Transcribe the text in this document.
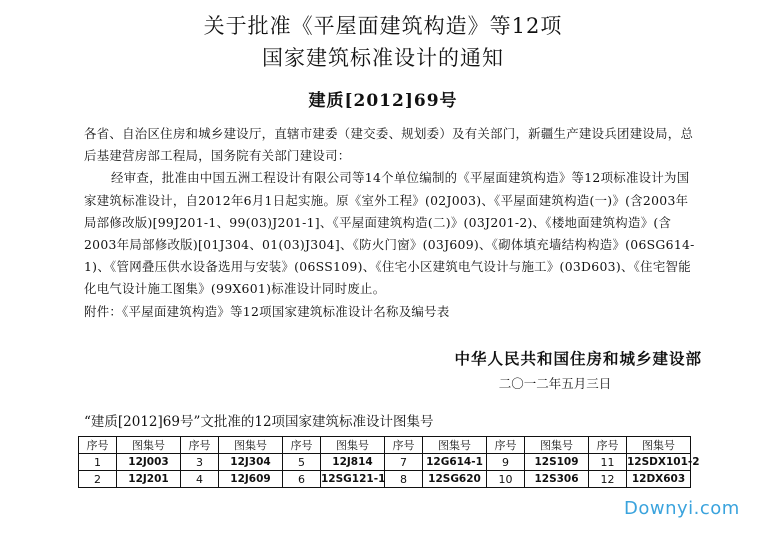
关于批准《平屋面建筑构造》等12项
国家建筑标准设计的通知
建质[2012]69号

各省、自治区住房和城乡建设厅，直辖市建委（建交委、规划委）及有关部门，新疆生产建设兵团建设局，总后基建营房部工程局，国务院有关部门建设司：

经审查，批准由中国五洲工程设计有限公司等14个单位编制的《平屋面建筑构造》等12项标准设计为国家建筑标准设计，自2012年6月1日起实施。原《室外工程》(02J003)、《平屋面建筑构造(一)》(含2003年局部修改版)[99J201-1、99(03)J201-1]、《平屋面建筑构造(二)》(03J201-2)、《楼地面建筑构造》(含2003年局部修改版)[01J304、01(03)J304]、《防火门窗》(03J609)、《砌体填充墙结构构造》(06SG614-1)、《管网叠压供水设备选用与安装》(06SS109)、《住宅小区建筑电气设计与施工》(03D603)、《住宅智能化电气设计施工图集》(99X601)标准设计同时废止。

附件：《平屋面建筑构造》等12项国家建筑标准设计名称及编号表

中华人民共和国住房和城乡建设部
二〇一二年五月三日
“建质[2012]69号”文批准的12项国家建筑标准设计图集号
序号	图集号	序号	图集号	序号	图集号	序号	图集号	序号	图集号	序号	图集号
1	12J003	3	12J304	5	12J814	7	12G614-1	9	12S109	11	12SDX101-2
2	12J201	4	12J609	6	12SG121-1	8	12SG620	10	12S306	12	12DX603
Downyi.com
